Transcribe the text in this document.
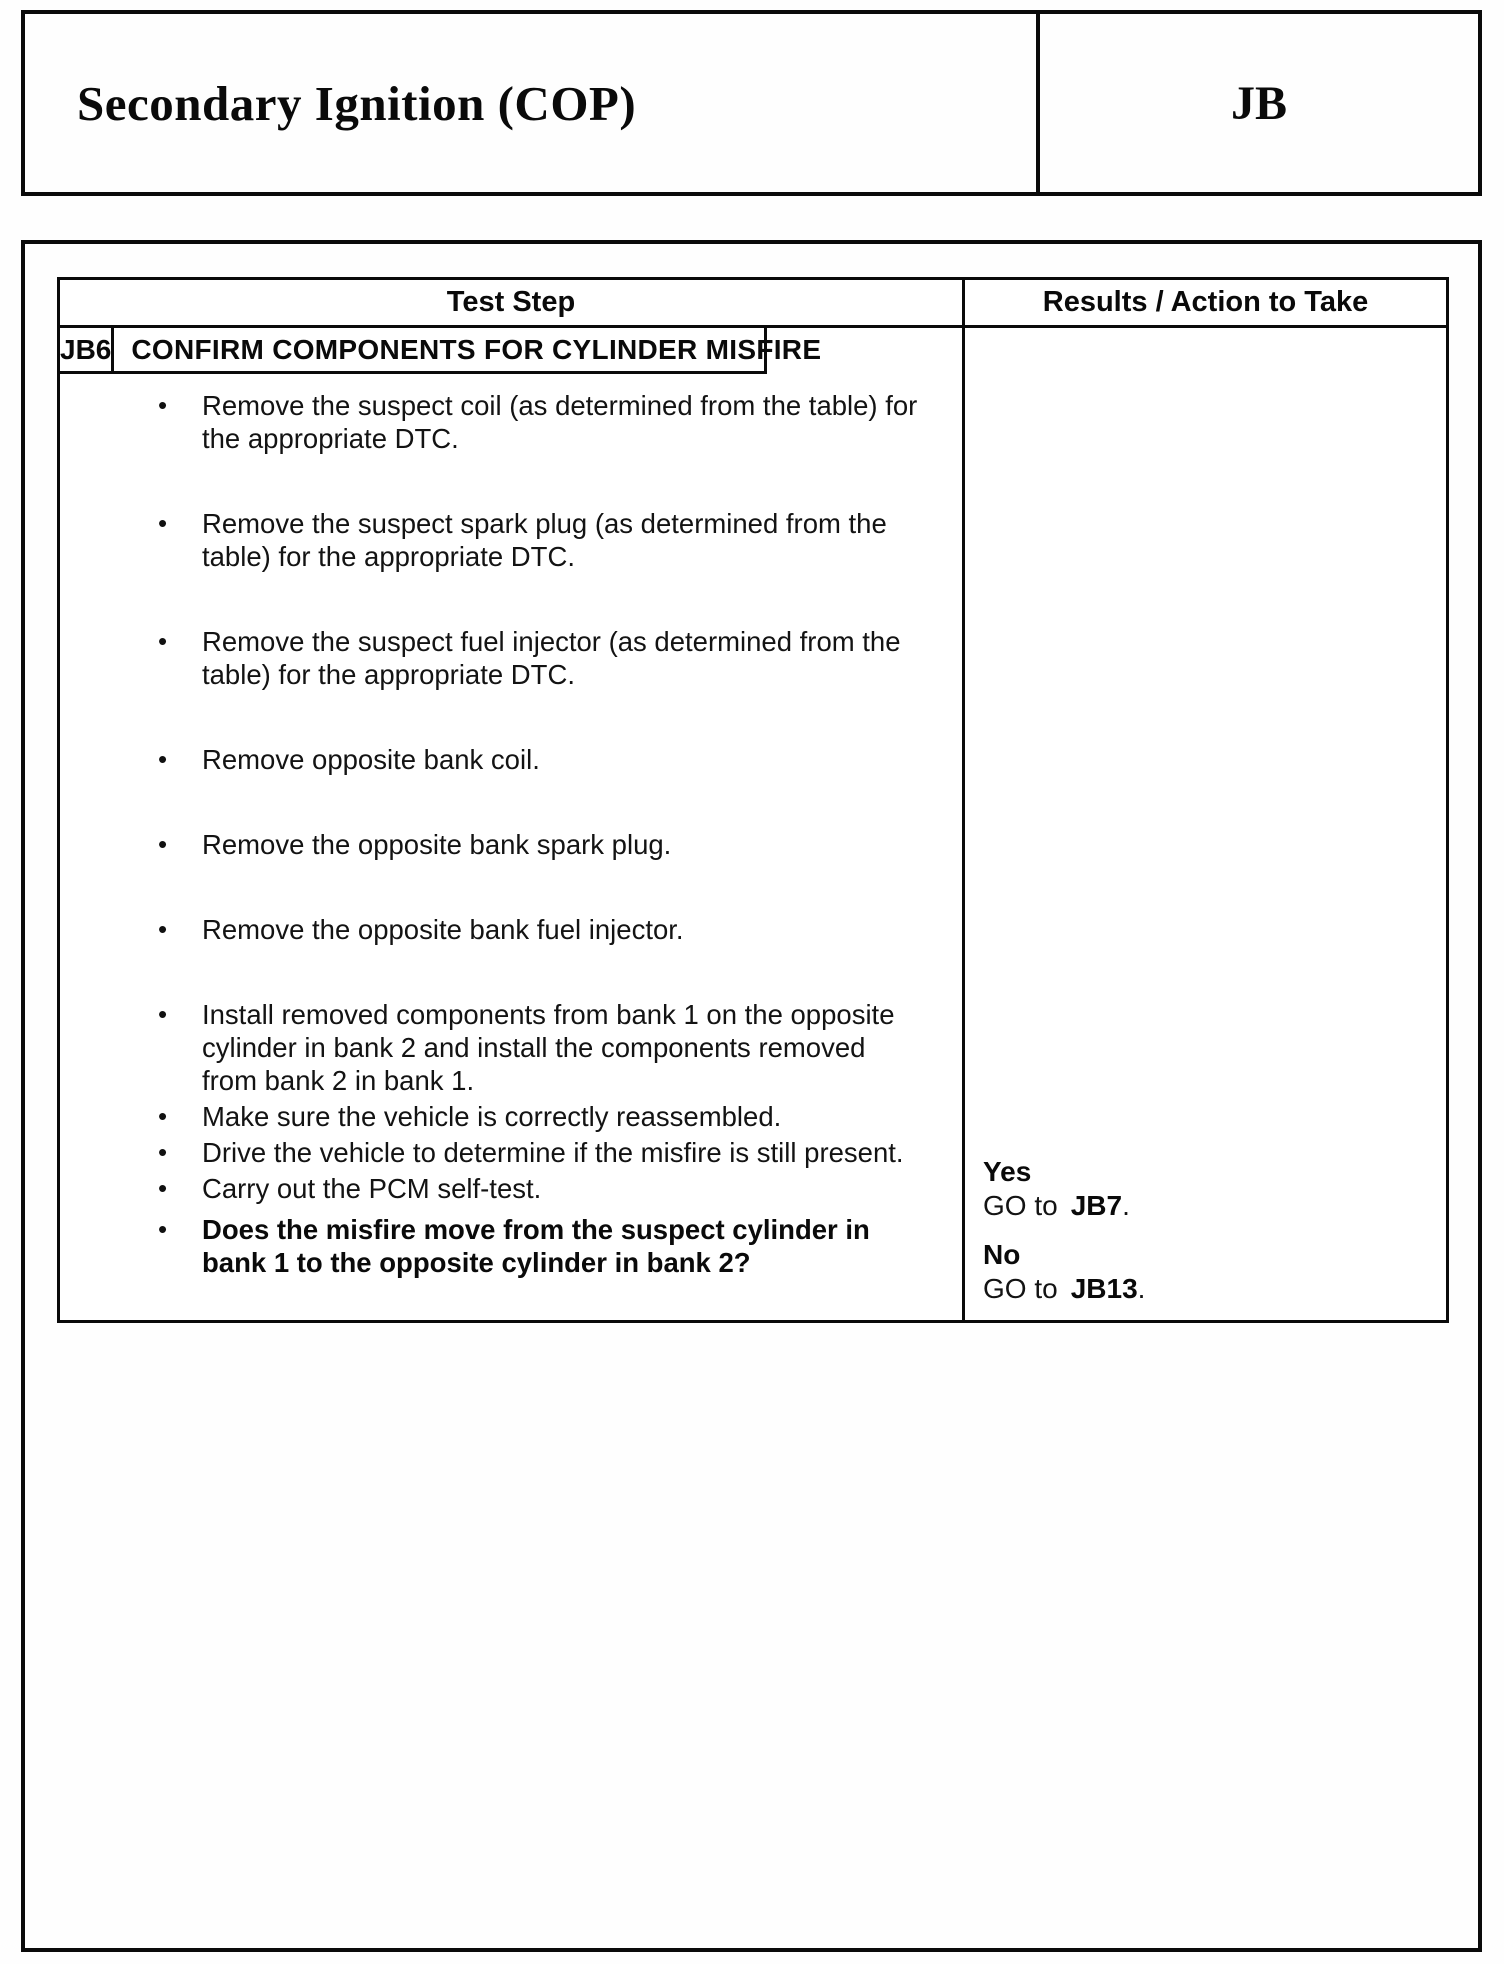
Secondary Ignition (COP)	JB
Test Step	Results / Action to Take
JB6 CONFIRM COMPONENTS FOR CYLINDER MISFIRE
•	Remove the suspect coil (as determined from the table) for the appropriate DTC.
•	Remove the suspect spark plug (as determined from the table) for the appropriate DTC.
•	Remove the suspect fuel injector (as determined from the table) for the appropriate DTC.
•	Remove opposite bank coil.
•	Remove the opposite bank spark plug.
•	Remove the opposite bank fuel injector.
•	Install removed components from bank 1 on the opposite cylinder in bank 2 and install the components removed from bank 2 in bank 1.
•	Make sure the vehicle is correctly reassembled.
•	Drive the vehicle to determine if the misfire is still present.
•	Carry out the PCM self-test.
•	Does the misfire move from the suspect cylinder in bank 1 to the opposite cylinder in bank 2?
Yes
GO to JB7.
No
GO to JB13.
